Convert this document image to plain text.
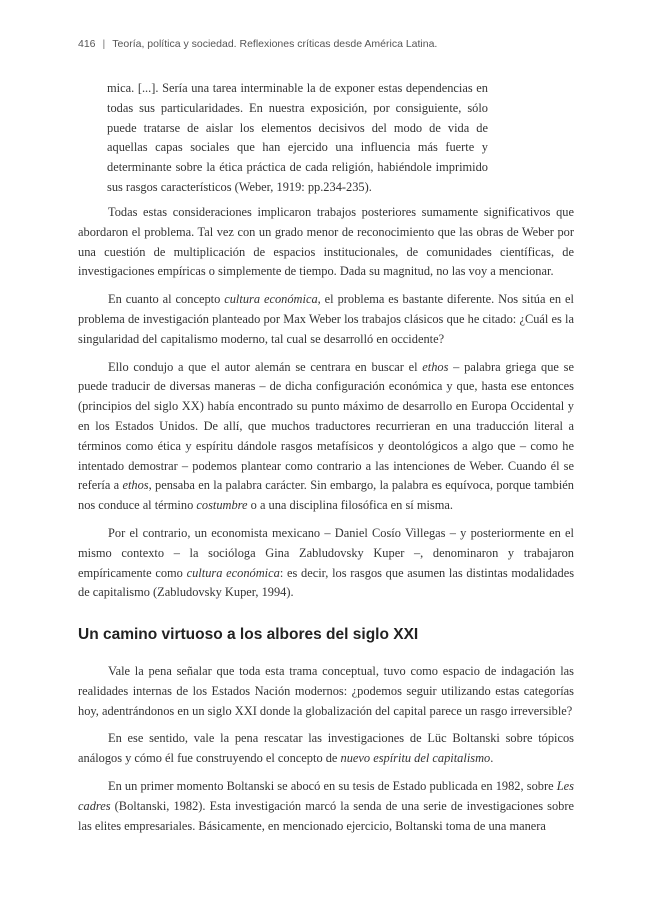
416 | Teoría, política y sociedad. Reflexiones críticas desde América Latina.

mica. [...]. Sería una tarea interminable la de exponer estas dependencias en todas sus particularidades. En nuestra exposición, por consiguiente, sólo puede tratarse de aislar los elementos decisivos del modo de vida de aquellas capas sociales que han ejercido una influencia más fuerte y determinante sobre la ética práctica de cada religión, habiéndole imprimido sus rasgos característicos (Weber, 1919: pp.234-235).

Todas estas consideraciones implicaron trabajos posteriores sumamente significativos que abordaron el problema. Tal vez con un grado menor de reconocimiento que las obras de Weber por una cuestión de multiplicación de espacios institucionales, de comunidades científicas, de investigaciones empíricas o simplemente de tiempo. Dada su magnitud, no las voy a mencionar.

En cuanto al concepto cultura económica, el problema es bastante diferente. Nos sitúa en el problema de investigación planteado por Max Weber los trabajos clásicos que he citado: ¿Cuál es la singularidad del capitalismo moderno, tal cual se desarrolló en occidente?

Ello condujo a que el autor alemán se centrara en buscar el ethos – palabra griega que se puede traducir de diversas maneras – de dicha configuración económica y que, hasta ese entonces (principios del siglo XX) había encontrado su punto máximo de desarrollo en Europa Occidental y en los Estados Unidos. De allí, que muchos traductores recurrieran en una traducción literal a términos como ética y espíritu dándole rasgos metafísicos y deontológicos a algo que – como he intentado demostrar – podemos plantear como contrario a las intenciones de Weber. Cuando él se refería a ethos, pensaba en la palabra carácter. Sin embargo, la palabra es equívoca, porque también nos conduce al término costumbre o a una disciplina filosófica en sí misma.

Por el contrario, un economista mexicano – Daniel Cosío Villegas – y posteriormente en el mismo contexto – la socióloga Gina Zabludovsky Kuper –, denominaron y trabajaron empíricamente como cultura económica: es decir, los rasgos que asumen las distintas modalidades de capitalismo (Zabludovsky Kuper, 1994).

Un camino virtuoso a los albores del siglo XXI

Vale la pena señalar que toda esta trama conceptual, tuvo como espacio de indagación las realidades internas de los Estados Nación modernos: ¿podemos seguir utilizando estas categorías hoy, adentrándonos en un siglo XXI donde la globalización del capital parece un rasgo irreversible?

En ese sentido, vale la pena rescatar las investigaciones de Lüc Boltanski sobre tópicos análogos y cómo él fue construyendo el concepto de nuevo espíritu del capitalismo.

En un primer momento Boltanski se abocó en su tesis de Estado publicada en 1982, sobre Les cadres (Boltanski, 1982). Esta investigación marcó la senda de una serie de investigaciones sobre las elites empresariales. Básicamente, en mencionado ejercicio, Boltanski toma de una manera
